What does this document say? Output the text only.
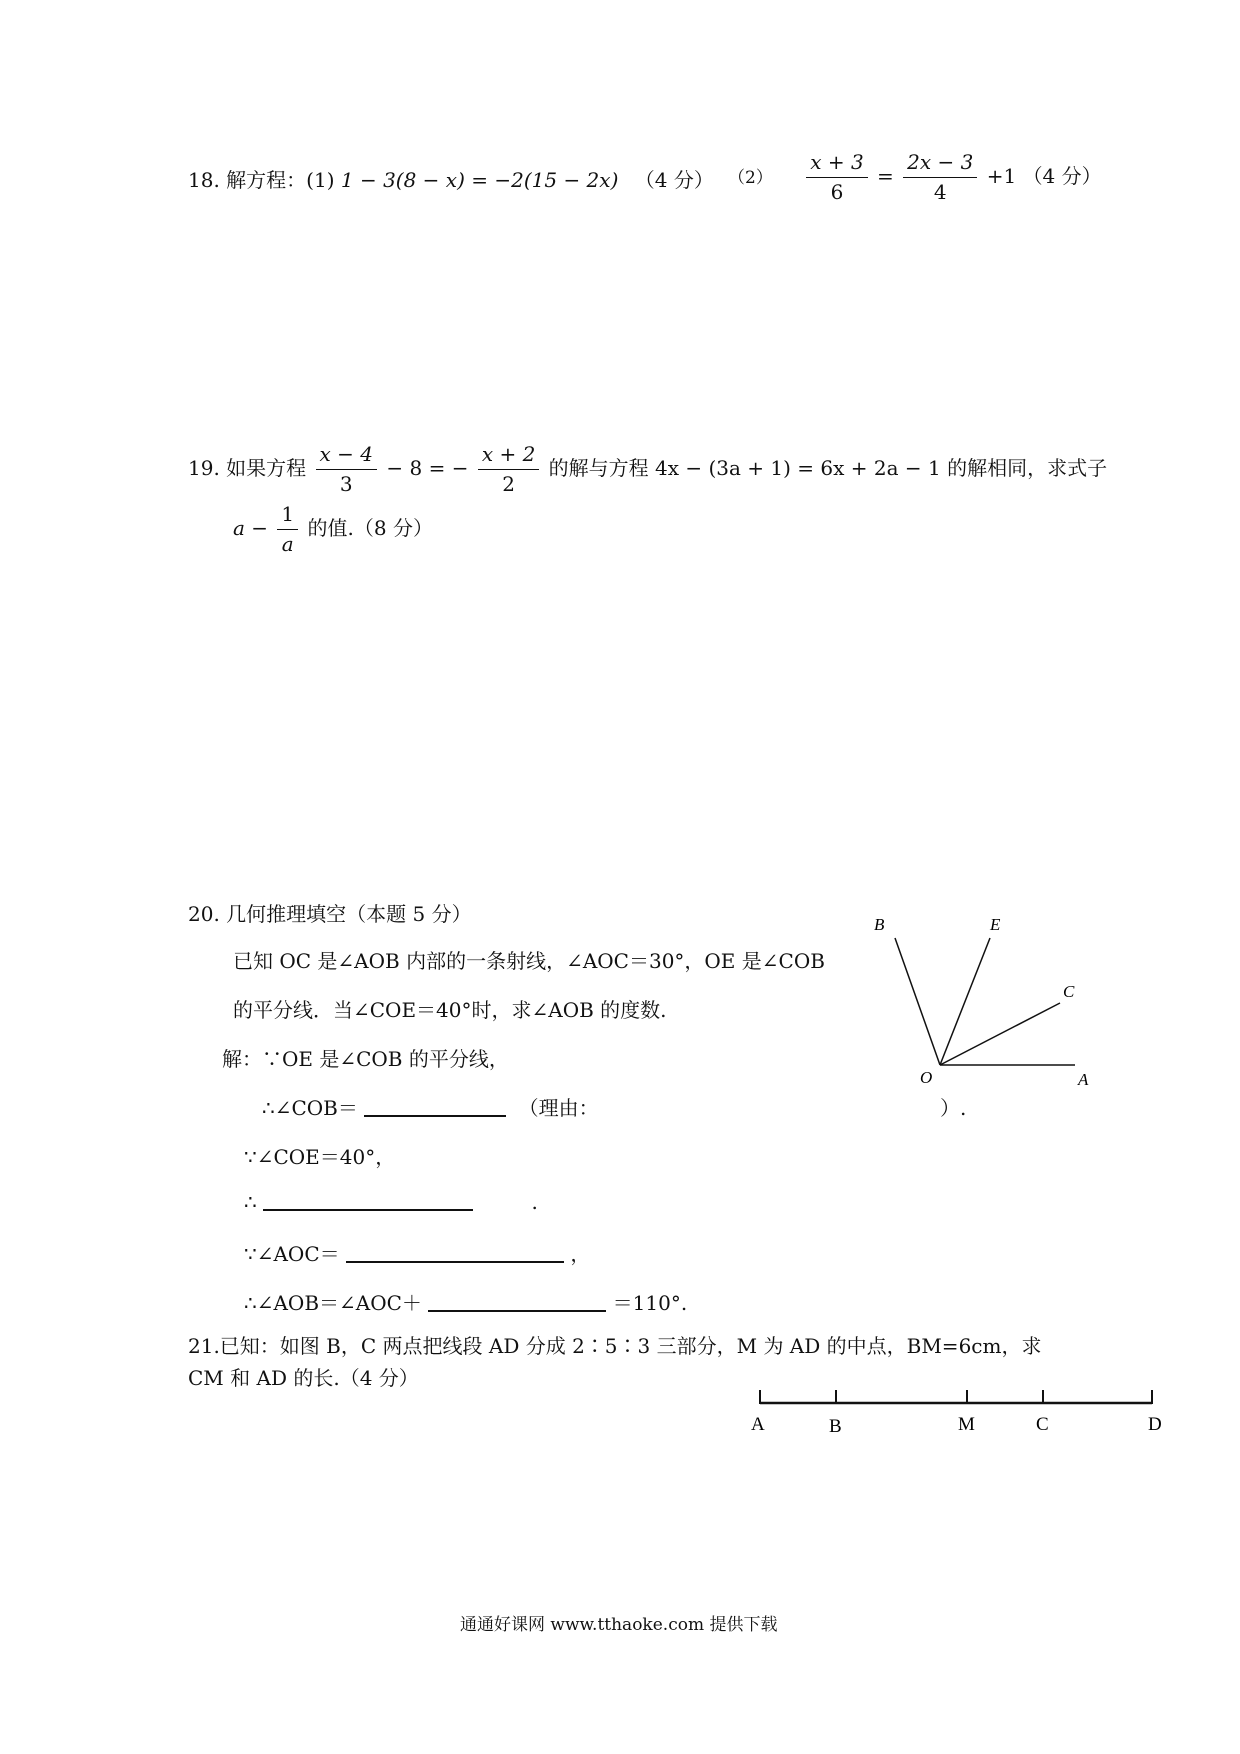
18. 解方程：(1) 1 − 3(8 − x) = −2(15 − 2x) （4 分） $(2) \frac{x + 3}{6} = \frac{2x - 3}{4} +1$ （4 分）
19. 如果方程 $\frac{x - 4}{3} - 8$ = − $\frac{x + 2}{2}$ 的解与方程 4x − (3a + 1) = 6x + 2a − 1 的解相同，求式子
$a - \frac{1}{a}$ 的值.（8 分）
20. 几何推理填空（本题 5 分）
已知 OC 是∠AOB 内部的一条射线，∠AOC＝30°，OE 是∠COB
的平分线．当∠COE＝40°时，求∠AOB 的度数.
解：∵OE 是∠COB 的平分线，
∴∠COB＝	（理由：	）.
∵∠COE＝40°，
∴	.
∵∠AOC＝	，
∴∠AOB＝∠AOC＋	＝110°.
B	E
C
O	A
21.已知：如图 B，C 两点把线段 AD 分成 2∶5∶3 三部分，M 为 AD 的中点，BM=6cm，求
CM 和 AD 的长.（4 分）
A	B	M	C	D
通通好课网 www.tthaoke.com 提供下载
